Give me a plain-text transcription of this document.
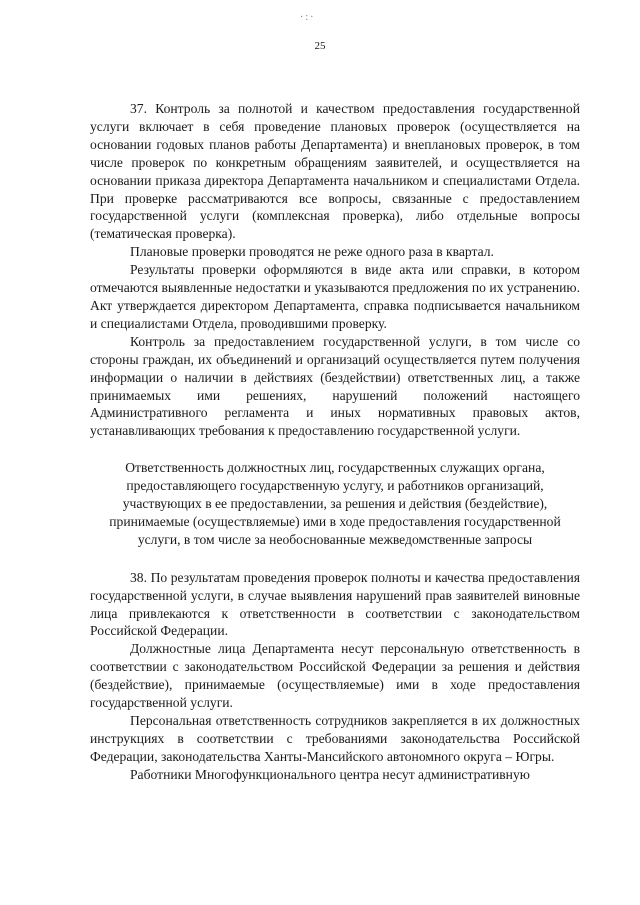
·:·
25

37. Контроль за полнотой и качеством предоставления государственной услуги включает в себя проведение плановых проверок (осуществляется на основании годовых планов работы Департамента) и внеплановых проверок, в том числе проверок по конкретным обращениям заявителей, и осуществляется на основании приказа директора Департамента начальником и специалистами Отдела. При проверке рассматриваются все вопросы, связанные с предоставлением государственной услуги (комплексная проверка), либо отдельные вопросы (тематическая проверка).

Плановые проверки проводятся не реже одного раза в квартал.

Результаты проверки оформляются в виде акта или справки, в котором отмечаются выявленные недостатки и указываются предложения по их устранению. Акт утверждается директором Департамента, справка подписывается начальником и специалистами Отдела, проводившими проверку.

Контроль за предоставлением государственной услуги, в том числе со стороны граждан, их объединений и организаций осуществляется путем получения информации о наличии в действиях (бездействии) ответственных лиц, а также принимаемых ими решениях, нарушений положений настоящего Административного регламента и иных нормативных правовых актов, устанавливающих требования к предоставлению государственной услуги.

Ответственность должностных лиц, государственных служащих органа, предоставляющего государственную услугу, и работников организаций, участвующих в ее предоставлении, за решения и действия (бездействие), принимаемые (осуществляемые) ими в ходе предоставления государственной услуги, в том числе за необоснованные межведомственные запросы

38. По результатам проведения проверок полноты и качества предоставления государственной услуги, в случае выявления нарушений прав заявителей виновные лица привлекаются к ответственности в соответствии с законодательством Российской Федерации.

Должностные лица Департамента несут персональную ответственность в соответствии с законодательством Российской Федерации за решения и действия (бездействие), принимаемые (осуществляемые) ими в ходе предоставления государственной услуги.

Персональная ответственность сотрудников закрепляется в их должностных инструкциях в соответствии с требованиями законодательства Российской Федерации, законодательства Ханты-Мансийского автономного округа – Югры.

Работники Многофункционального центра несут административную
